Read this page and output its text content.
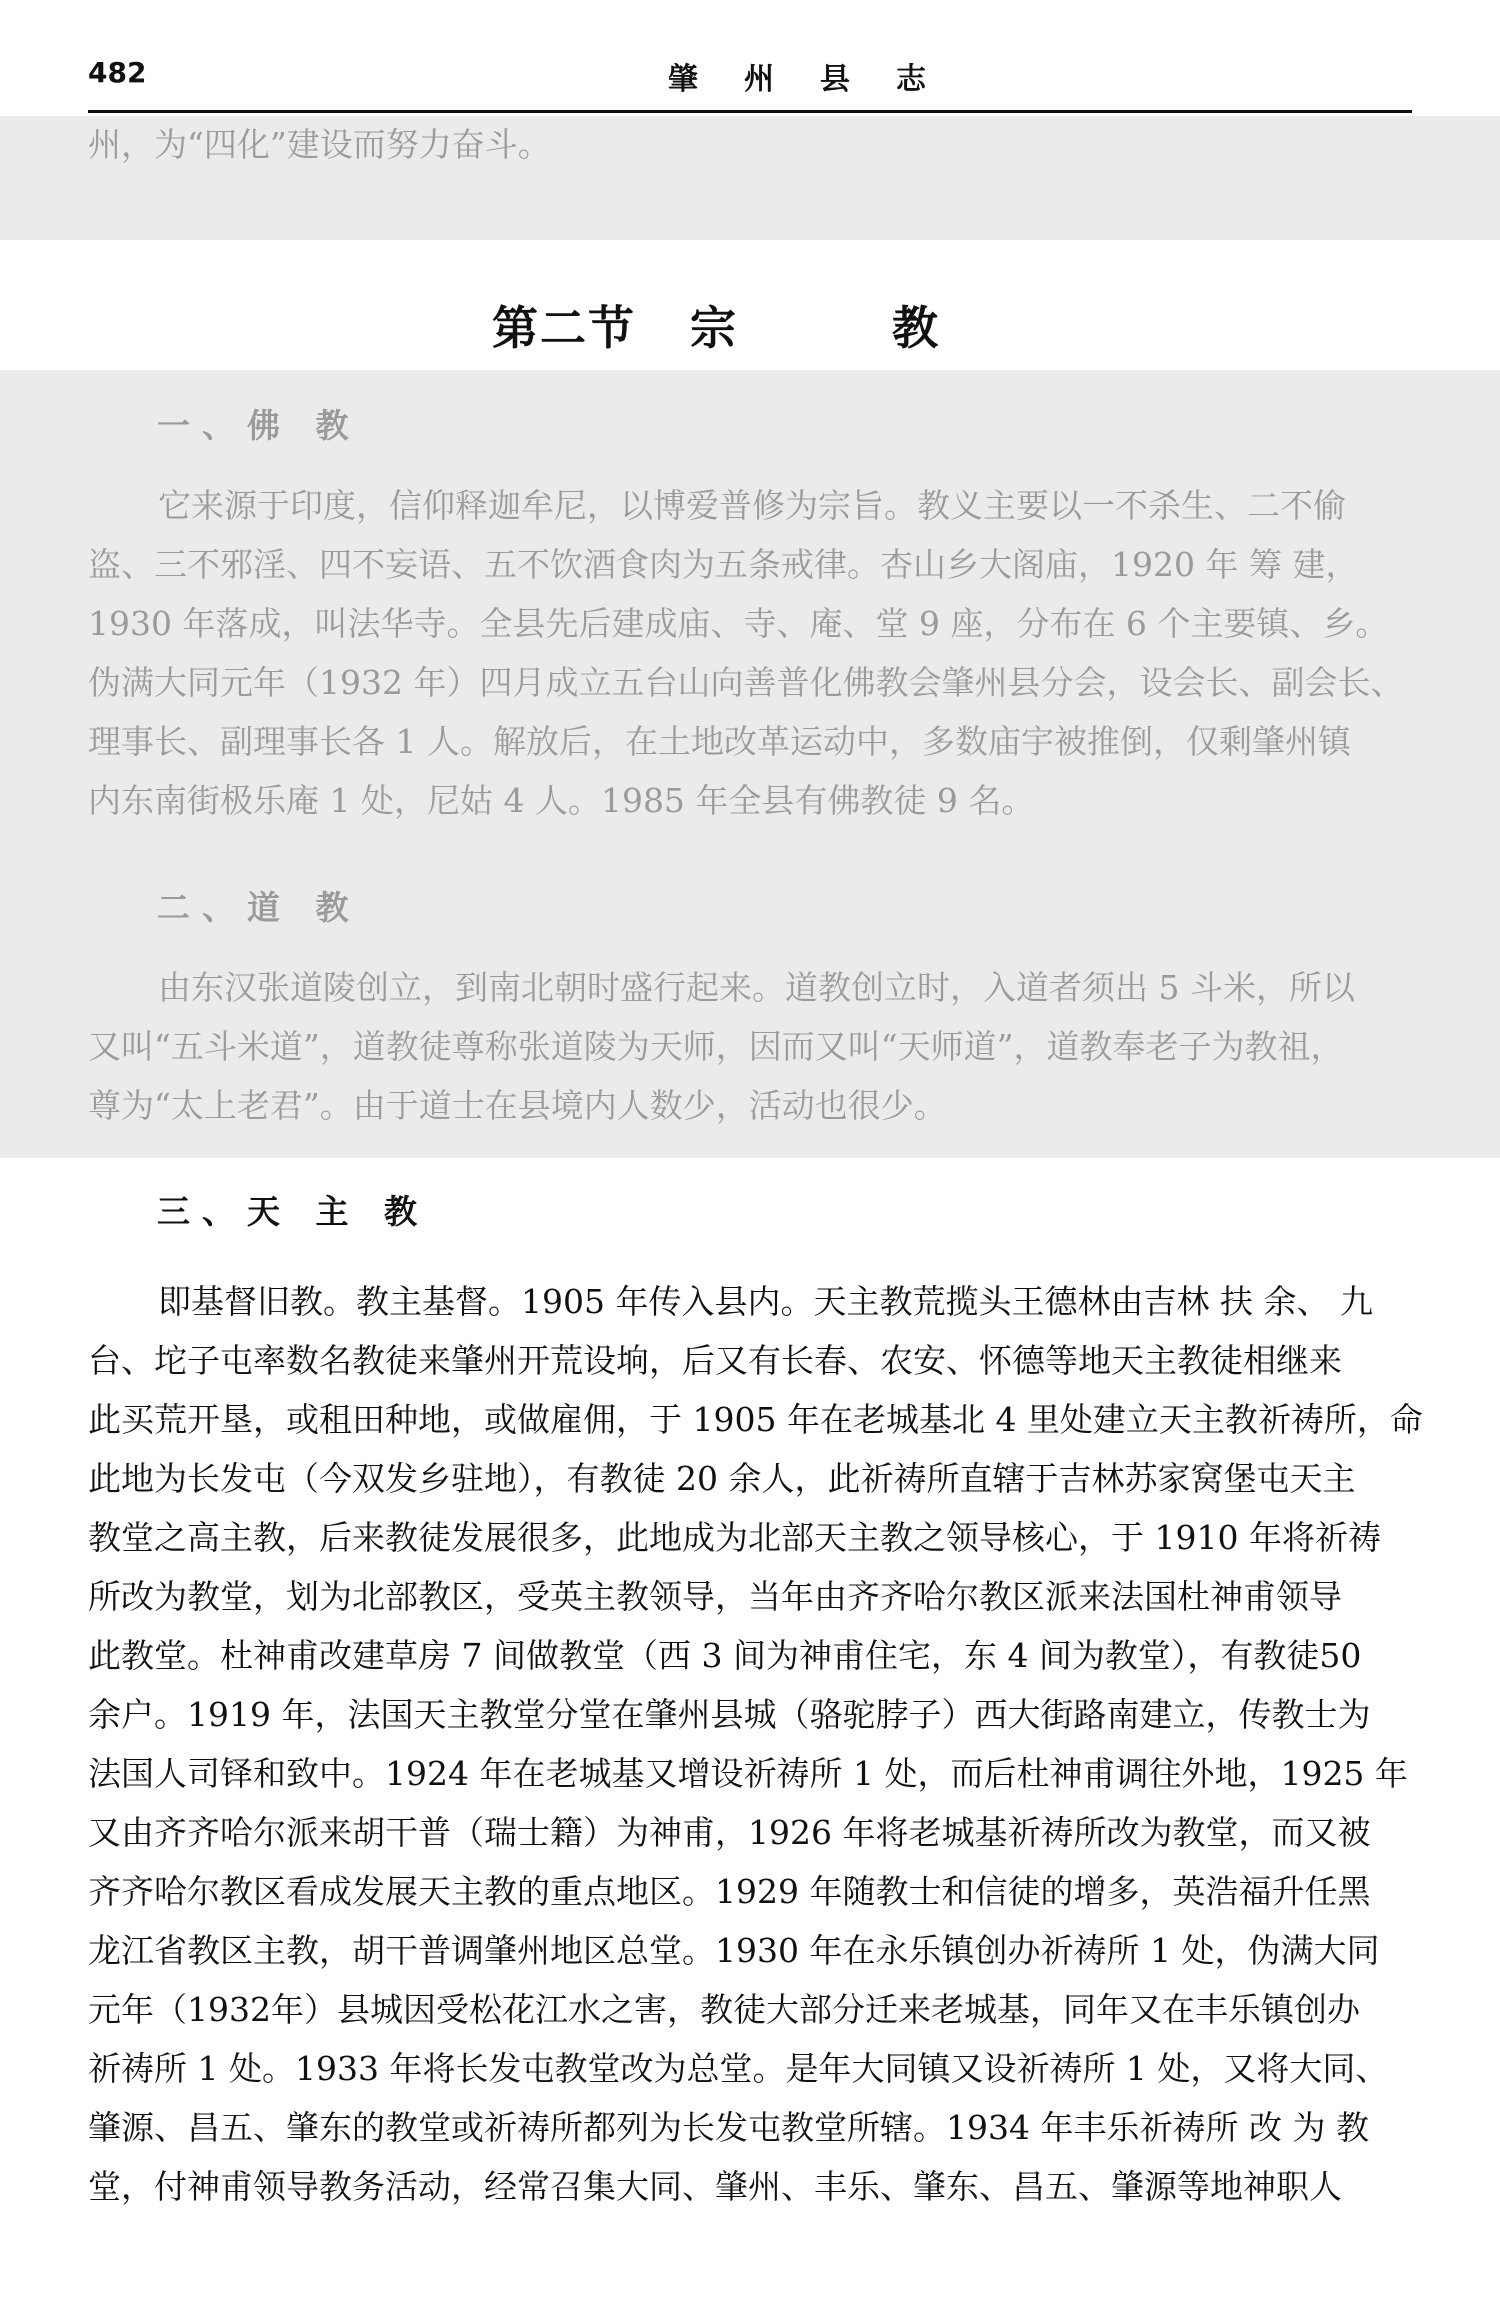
482	肇州县志
州，为“四化”建设而努力奋斗。
第二节 宗 教
一、佛 教
它来源于印度，信仰释迦牟尼，以博爱普修为宗旨。教义主要以一不杀生、二不偷
盗、三不邪淫、四不妄语、五不饮酒食肉为五条戒律。杏山乡大阁庙，1920 年 筹 建，
1930 年落成，叫法华寺。全县先后建成庙、寺、庵、堂 9 座，分布在 6 个主要镇、乡。
伪满大同元年（1932 年）四月成立五台山向善普化佛教会肇州县分会，设会长、副会长、
理事长、副理事长各 1 人。解放后，在土地改革运动中，多数庙宇被推倒，仅剩肇州镇
内东南街极乐庵 1 处，尼姑 4 人。1985 年全县有佛教徒 9 名。
二、道 教
由东汉张道陵创立，到南北朝时盛行起来。道教创立时，入道者须出 5 斗米，所以
又叫“五斗米道”，道教徒尊称张道陵为天师，因而又叫“天师道”，道教奉老子为教祖，
尊为“太上老君”。由于道士在县境内人数少，活动也很少。
三、天 主 教
即基督旧教。教主基督。1905 年传入县内。天主教荒揽头王德林由吉林 扶 余、 九
台、坨子屯率数名教徒来肇州开荒设垧，后又有长春、农安、怀德等地天主教徒相继来
此买荒开垦，或租田种地，或做雇佣，于 1905 年在老城基北 4 里处建立天主教祈祷所，命
此地为长发屯（今双发乡驻地），有教徒 20 余人，此祈祷所直辖于吉林苏家窝堡屯天主
教堂之高主教，后来教徒发展很多，此地成为北部天主教之领导核心，于 1910 年将祈祷
所改为教堂，划为北部教区，受英主教领导，当年由齐齐哈尔教区派来法国杜神甫领导
此教堂。杜神甫改建草房 7 间做教堂（西 3 间为神甫住宅，东 4 间为教堂），有教徒50
余户。1919 年，法国天主教堂分堂在肇州县城（骆驼脖子）西大街路南建立，传教士为
法国人司铎和致中。1924 年在老城基又增设祈祷所 1 处，而后杜神甫调往外地，1925 年
又由齐齐哈尔派来胡干普（瑞士籍）为神甫，1926 年将老城基祈祷所改为教堂，而又被
齐齐哈尔教区看成发展天主教的重点地区。1929 年随教士和信徒的增多，英浩福升任黑
龙江省教区主教，胡干普调肇州地区总堂。1930 年在永乐镇创办祈祷所 1 处，伪满大同
元年（1932年）县城因受松花江水之害，教徒大部分迁来老城基，同年又在丰乐镇创办
祈祷所 1 处。1933 年将长发屯教堂改为总堂。是年大同镇又设祈祷所 1 处，又将大同、
肇源、昌五、肇东的教堂或祈祷所都列为长发屯教堂所辖。1934 年丰乐祈祷所 改 为 教
堂，付神甫领导教务活动，经常召集大同、肇州、丰乐、肇东、昌五、肇源等地神职人
